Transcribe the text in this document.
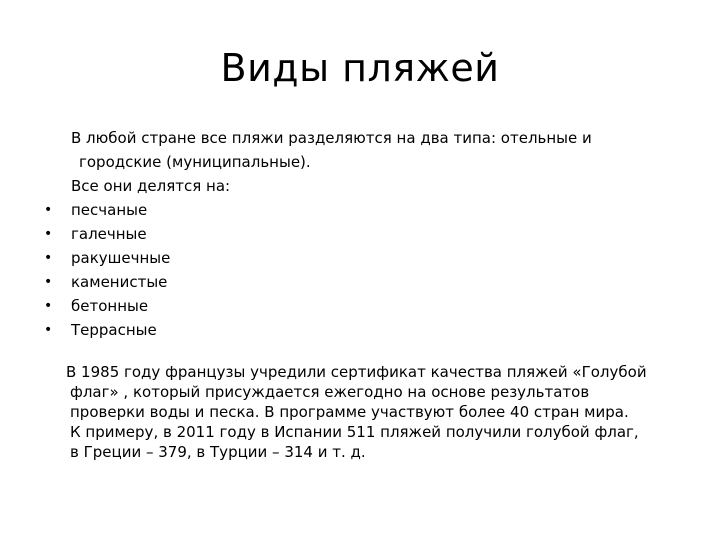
Виды пляжей
В любой стране все пляжи разделяются на два типа: отельные и
городские (муниципальные).
Все они делятся на:
•	песчаные
•	галечные
•	ракушечные
•	каменистые
•	бетонные
•	Террасные
В 1985 году французы учредили сертификат качества пляжей «Голубой
флаг» , который присуждается ежегодно на основе результатов
проверки воды и песка. В программе участвуют более 40 стран мира.
К примеру, в 2011 году в Испании 511 пляжей получили голубой флаг,
в Греции – 379, в Турции – 314 и т. д.
